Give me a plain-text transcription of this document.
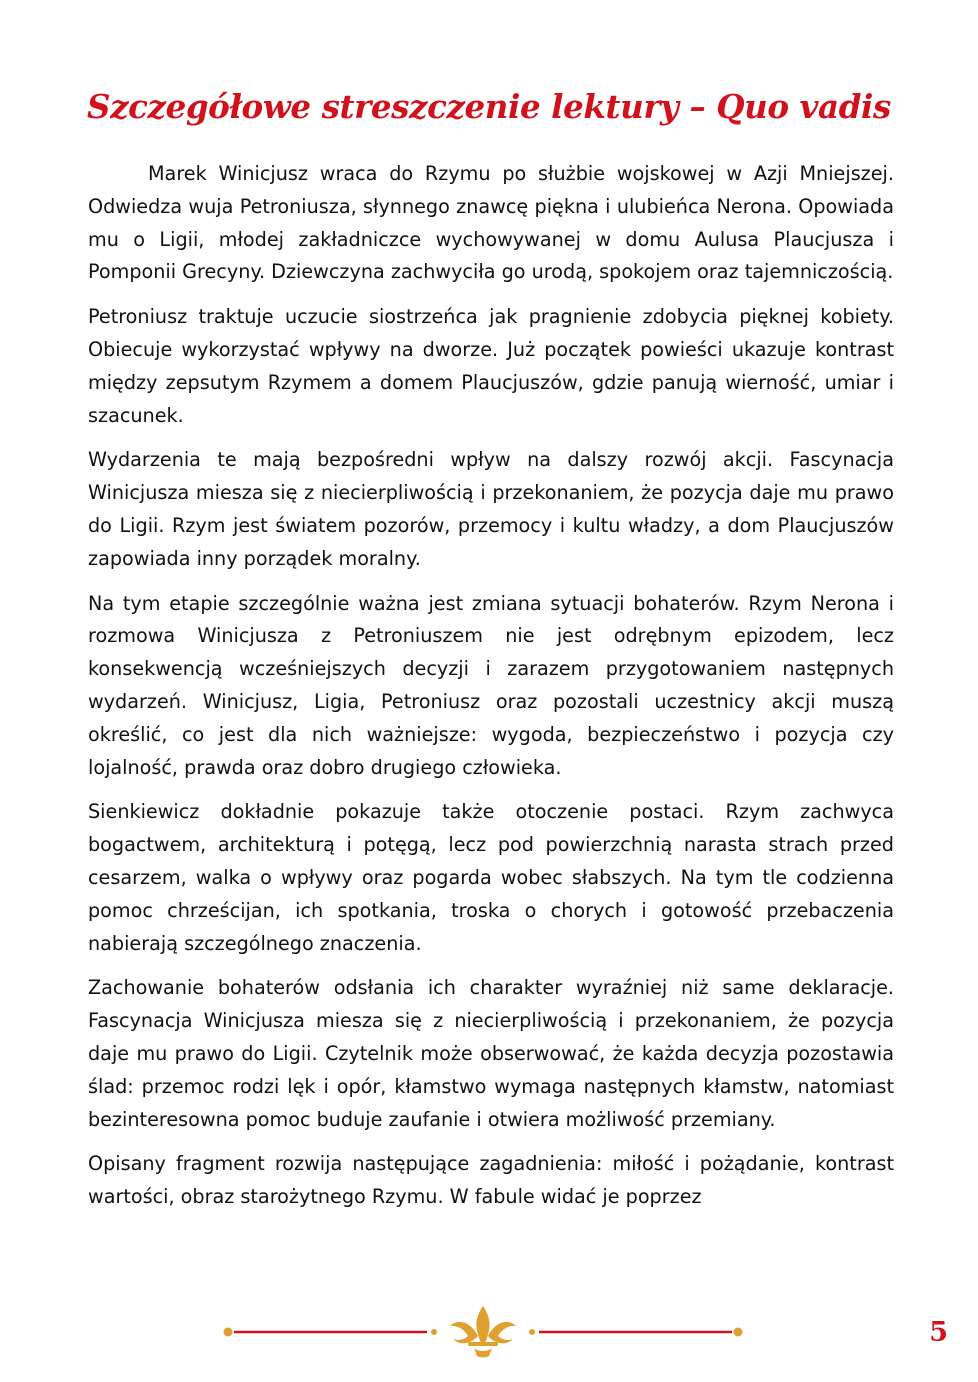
Szczegółowe streszczenie lektury – Quo vadis

Marek Winicjusz wraca do Rzymu po służbie wojskowej w Azji Mniejszej. Odwiedza wuja Petroniusza, słynnego znawcę piękna i ulubieńca Nerona. Opowiada mu o Ligii, młodej zakładniczce wychowywanej w domu Aulusa Plaucjusza i Pomponii Grecyny. Dziewczyna zachwyciła go urodą, spokojem oraz tajemniczością.

Petroniusz traktuje uczucie siostrzeńca jak pragnienie zdobycia pięknej kobiety. Obiecuje wykorzystać wpływy na dworze. Już początek powieści ukazuje kontrast między zepsutym Rzymem a domem Plaucjuszów, gdzie panują wierność, umiar i szacunek.

Wydarzenia te mają bezpośredni wpływ na dalszy rozwój akcji. Fascynacja Winicjusza miesza się z niecierpliwością i przekonaniem, że pozycja daje mu prawo do Ligii. Rzym jest światem pozorów, przemocy i kultu władzy, a dom Plaucjuszów zapowiada inny porządek moralny.

Na tym etapie szczególnie ważna jest zmiana sytuacji bohaterów. Rzym Nerona i rozmowa Winicjusza z Petroniuszem nie jest odrębnym epizodem, lecz konsekwencją wcześniejszych decyzji i zarazem przygotowaniem następnych wydarzeń. Winicjusz, Ligia, Petroniusz oraz pozostali uczestnicy akcji muszą określić, co jest dla nich ważniejsze: wygoda, bezpieczeństwo i pozycja czy lojalność, prawda oraz dobro drugiego człowieka.

Sienkiewicz dokładnie pokazuje także otoczenie postaci. Rzym zachwyca bogactwem, architekturą i potęgą, lecz pod powierzchnią narasta strach przed cesarzem, walka o wpływy oraz pogarda wobec słabszych. Na tym tle codzienna pomoc chrześcijan, ich spotkania, troska o chorych i gotowość przebaczenia nabierają szczególnego znaczenia.

Zachowanie bohaterów odsłania ich charakter wyraźniej niż same deklaracje. Fascynacja Winicjusza miesza się z niecierpliwością i przekonaniem, że pozycja daje mu prawo do Ligii. Czytelnik może obserwować, że każda decyzja pozostawia ślad: przemoc rodzi lęk i opór, kłamstwo wymaga następnych kłamstw, natomiast bezinteresowna pomoc buduje zaufanie i otwiera możliwość przemiany.

Opisany fragment rozwija następujące zagadnienia: miłość i pożądanie, kontrast wartości, obraz starożytnego Rzymu. W fabule widać je poprzez

5
